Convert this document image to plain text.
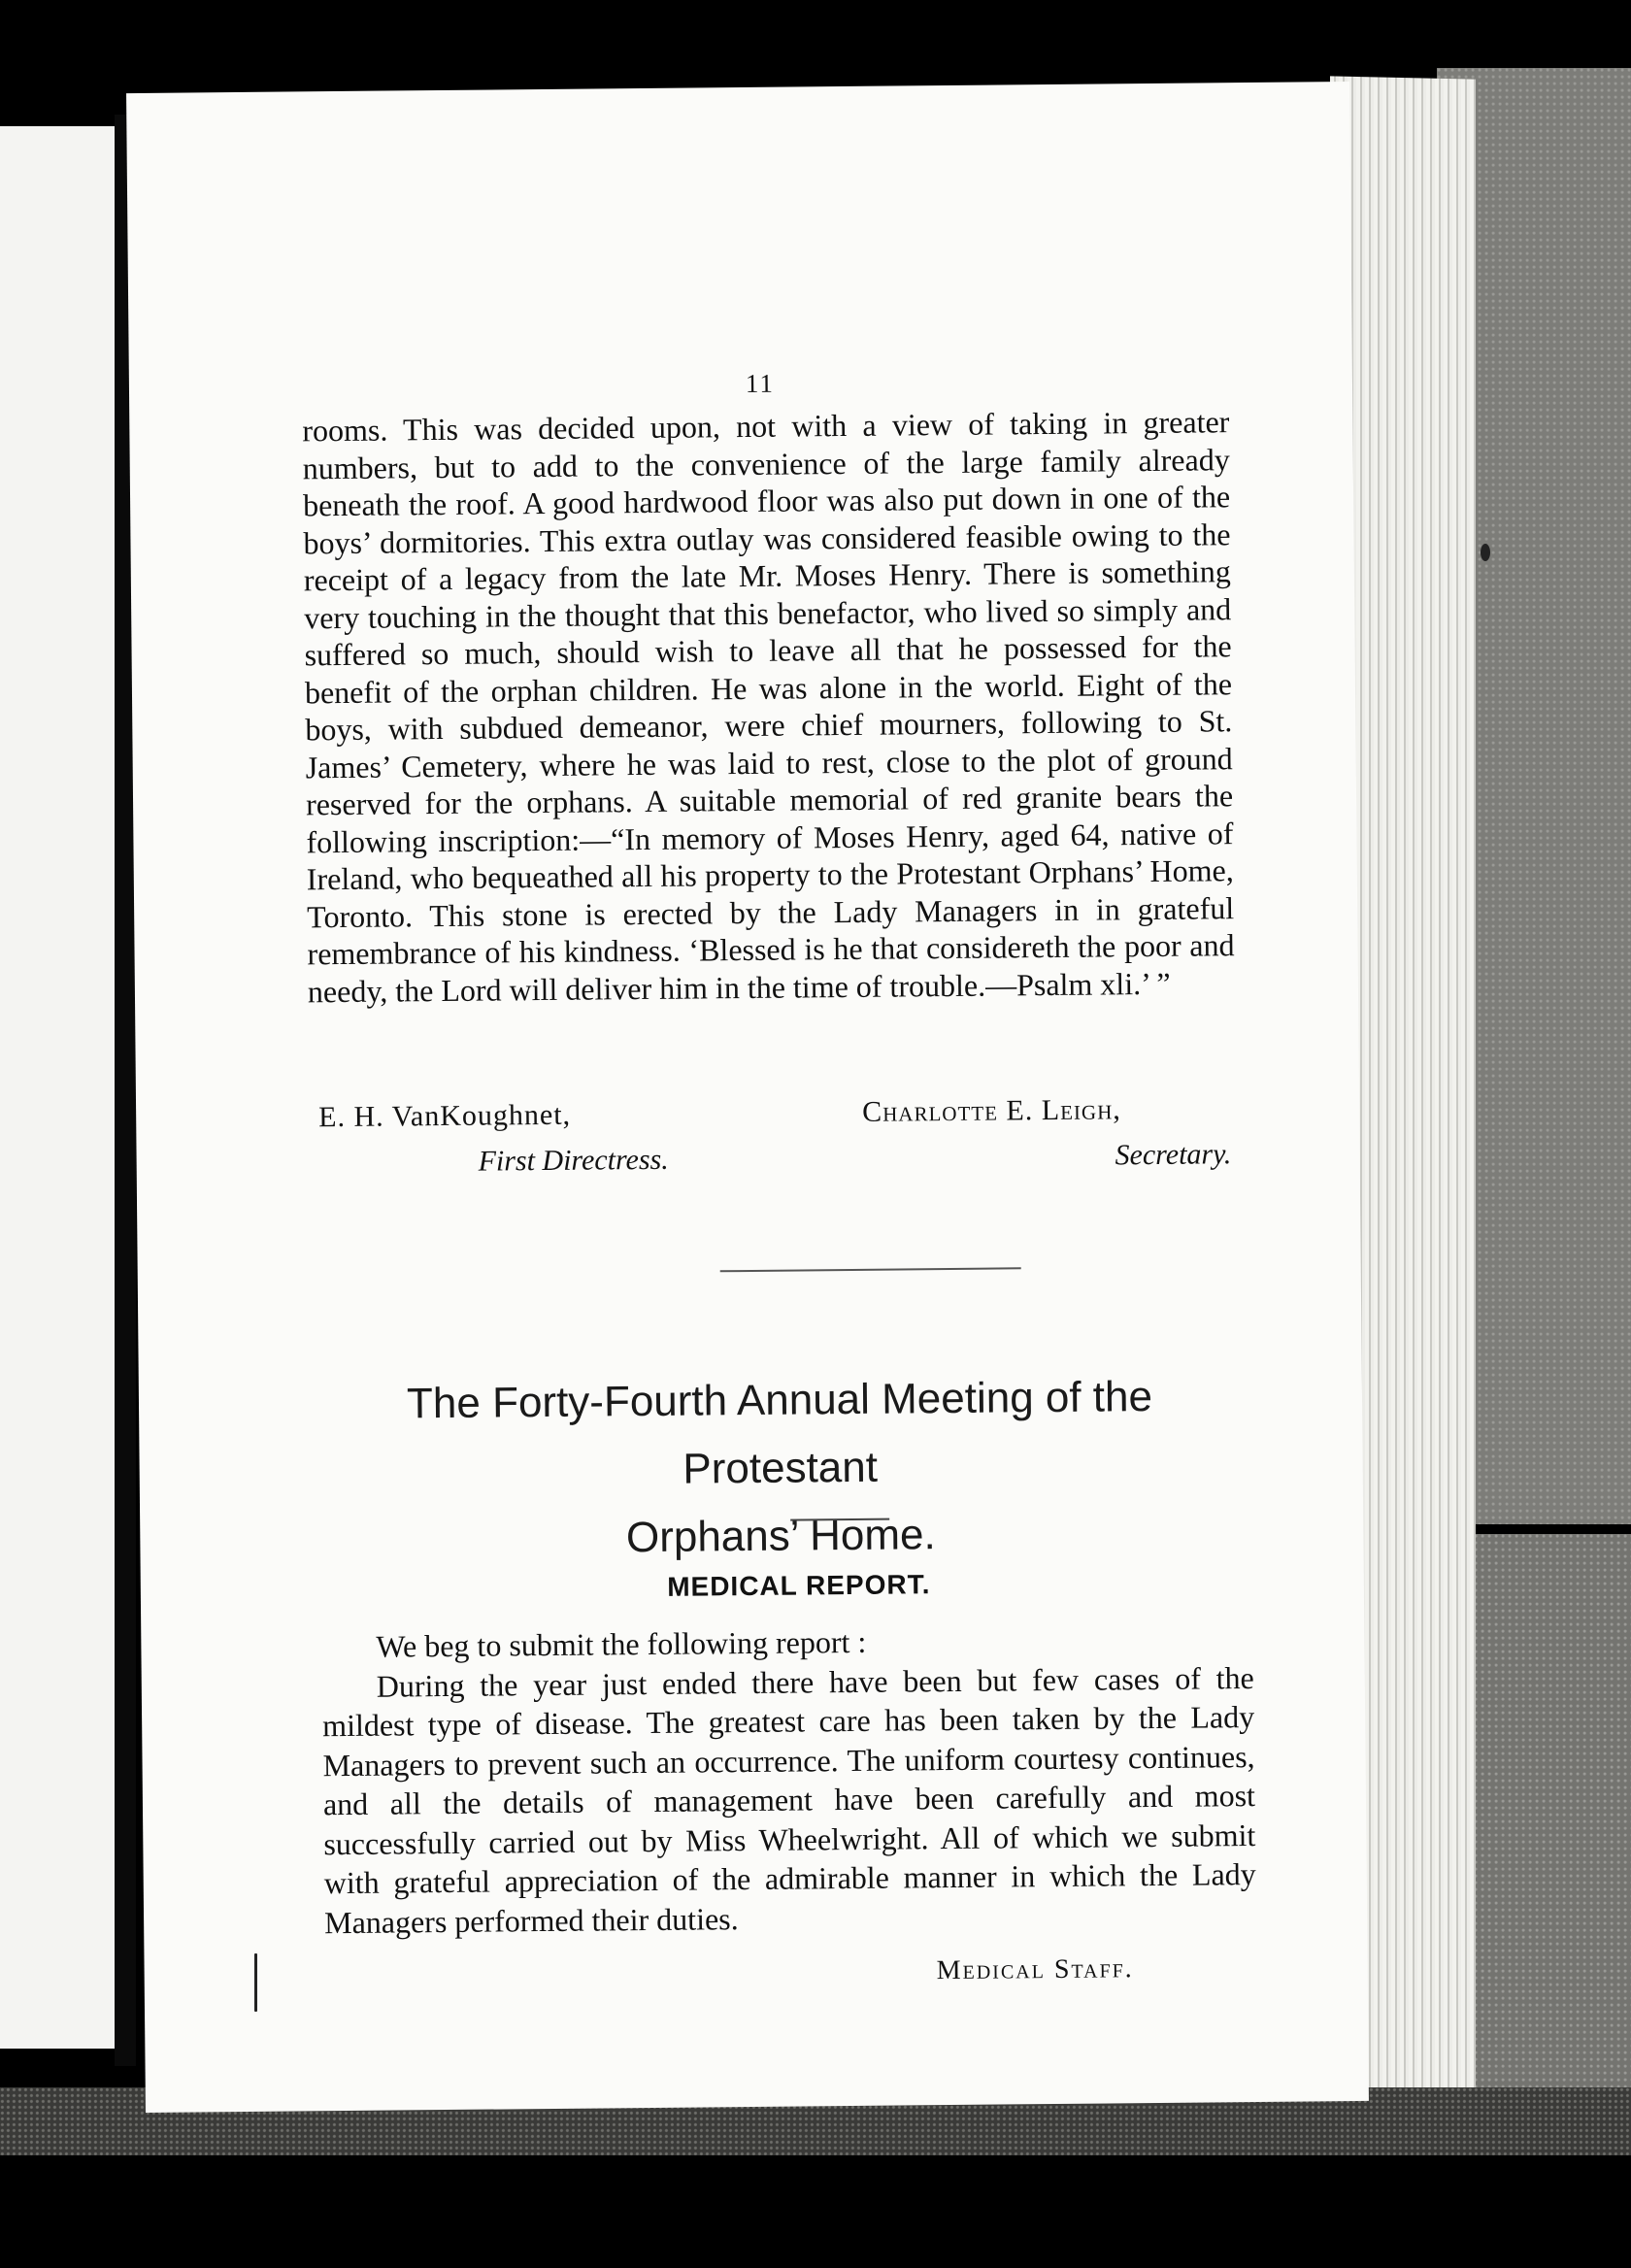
11

rooms. This was decided upon, not with a view of taking in greater numbers, but to add to the convenience of the large family already beneath the roof. A good hardwood floor was also put down in one of the boys’ dormitories. This extra outlay was considered feasible owing to the receipt of a legacy from the late Mr. Moses Henry. There is something very touching in the thought that this benefactor, who lived so simply and suffered so much, should wish to leave all that he possessed for the benefit of the orphan children. He was alone in the world. Eight of the boys, with subdued demeanor, were chief mourners, following to St. James’ Cemetery, where he was laid to rest, close to the plot of ground reserved for the orphans. A suitable memorial of red granite bears the following inscription:—“In memory of Moses Henry, aged 64, native of Ireland, who bequeathed all his property to the Protestant Orphans’ Home, Toronto. This stone is erected by the Lady Managers in in grateful remembrance of his kindness. ‘Blessed is he that considereth the poor and needy, the Lord will deliver him in the time of trouble.—Psalm xli.’ ”

E. H. VanKoughnet,
First Directress.
Charlotte E. Leigh,
Secretary.
The Forty-Fourth Annual Meeting of the Protestant
Orphans’ Home.
MEDICAL REPORT.

We beg to submit the following report :

During the year just ended there have been but few cases of the mildest type of disease. The greatest care has been taken by the Lady Managers to prevent such an occurrence. The uniform courtesy continues, and all the details of management have been carefully and most successfully carried out by Miss Wheelwright. All of which we submit with grateful appreciation of the admirable manner in which the Lady Managers performed their duties.

Medical Staff.
